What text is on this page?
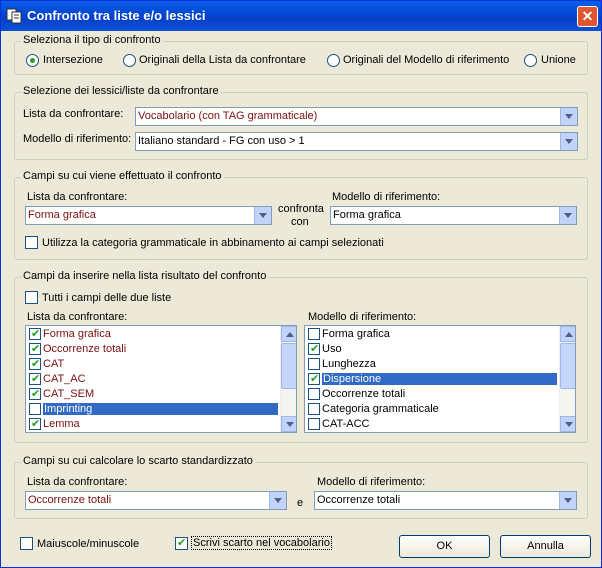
Confronto tra liste e/o lessici	✕
Seleziona il tipo di confronto
Intersezione	Originali della Lista da confrontare	Originali del Modello di riferimento	Unione
Selezione dei lessici/liste da confrontare
Lista da confrontare: Vocabolario (con TAG grammaticale)
Modello di riferimento: Italiano standard - FG con uso > 1
Campi su cui viene effettuato il confronto
Lista da confrontare:
Forma grafica	confronta
con
Modello di riferimento:
Forma grafica
Utilizza la categoria grammaticale in abbinamento ai campi selezionati
Campi da inserire nella lista risultato del confronto
Tutti i campi delle due liste
Lista da confrontare:	Modello di riferimento:
✔
Forma grafica
✔
Occorrenze totali
✔
CAT
✔
CAT_AC
✔
CAT_SEM
Imprinting
✔
Lemma
Forma grafica
✔
Uso
Lunghezza
✔
Dispersione
Occorrenze totali
Categoria grammaticale
CAT-ACC
Campi su cui calcolare lo scarto standardizzato
Lista da confrontare:
Occorrenze totali	e
Modello di riferimento:
Occorrenze totali
Maiuscole/minuscole
✔	Scrivi scarto nel vocabolario	OK	Annulla
